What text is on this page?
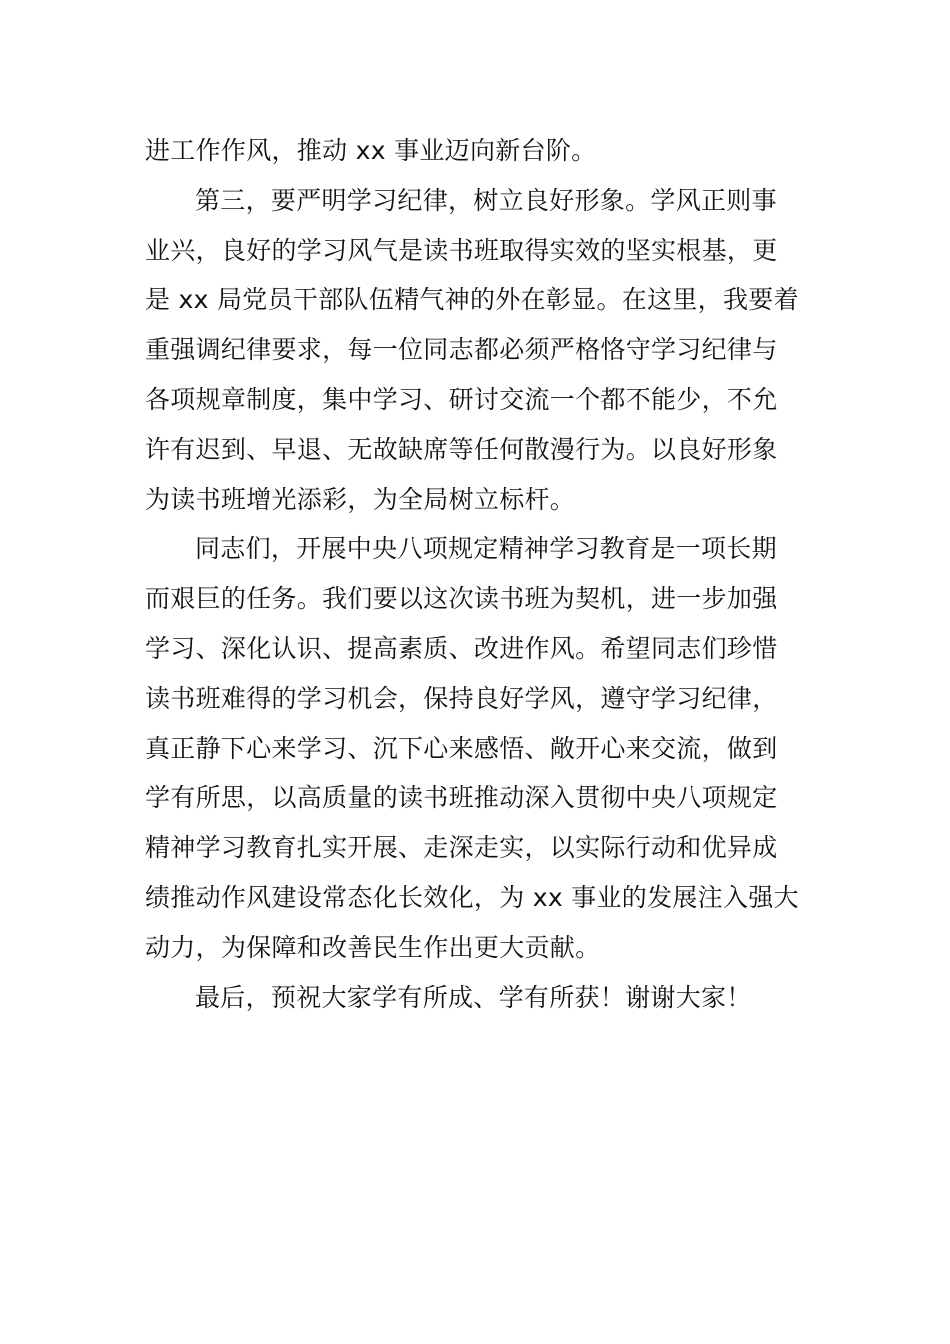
进工作作风，推动 xx 事业迈向新台阶。
第三，要严明学习纪律，树立良好形象。学风正则事
业兴，良好的学习风气是读书班取得实效的坚实根基，更
是 xx 局党员干部队伍精气神的外在彰显。在这里，我要着
重强调纪律要求，每一位同志都必须严格恪守学习纪律与
各项规章制度，集中学习、研讨交流一个都不能少，不允
许有迟到、早退、无故缺席等任何散漫行为。以良好形象
为读书班增光添彩，为全局树立标杆。
同志们，开展中央八项规定精神学习教育是一项长期
而艰巨的任务。我们要以这次读书班为契机，进一步加强
学习、深化认识、提高素质、改进作风。希望同志们珍惜
读书班难得的学习机会，保持良好学风，遵守学习纪律，
真正静下心来学习、沉下心来感悟、敞开心来交流，做到
学有所思，以高质量的读书班推动深入贯彻中央八项规定
精神学习教育扎实开展、走深走实，以实际行动和优异成
绩推动作风建设常态化长效化，为 xx 事业的发展注入强大
动力，为保障和改善民生作出更大贡献。
最后，预祝大家学有所成、学有所获！谢谢大家！
